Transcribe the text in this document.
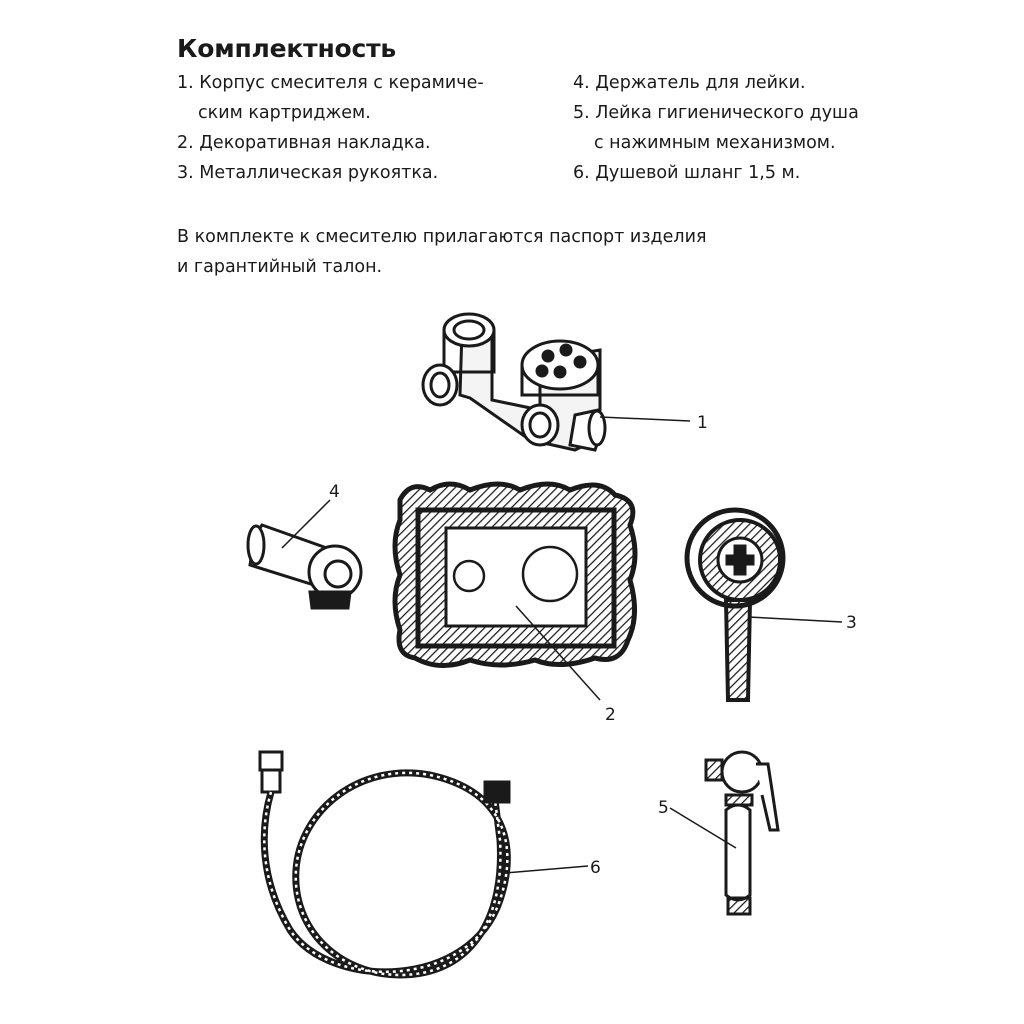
Комплектность
1. Корпус смесителя с керамиче-
ским картриджем.
2. Декоративная накладка.
3. Металлическая рукоятка.
4. Держатель для лейки.
5. Лейка гигиенического душа
с нажимным механизмом.
6. Душевой шланг 1,5 м.
В комплекте к смесителю прилагаются паспорт изделия
и гарантийный талон.
1
4
2
3
6
5
